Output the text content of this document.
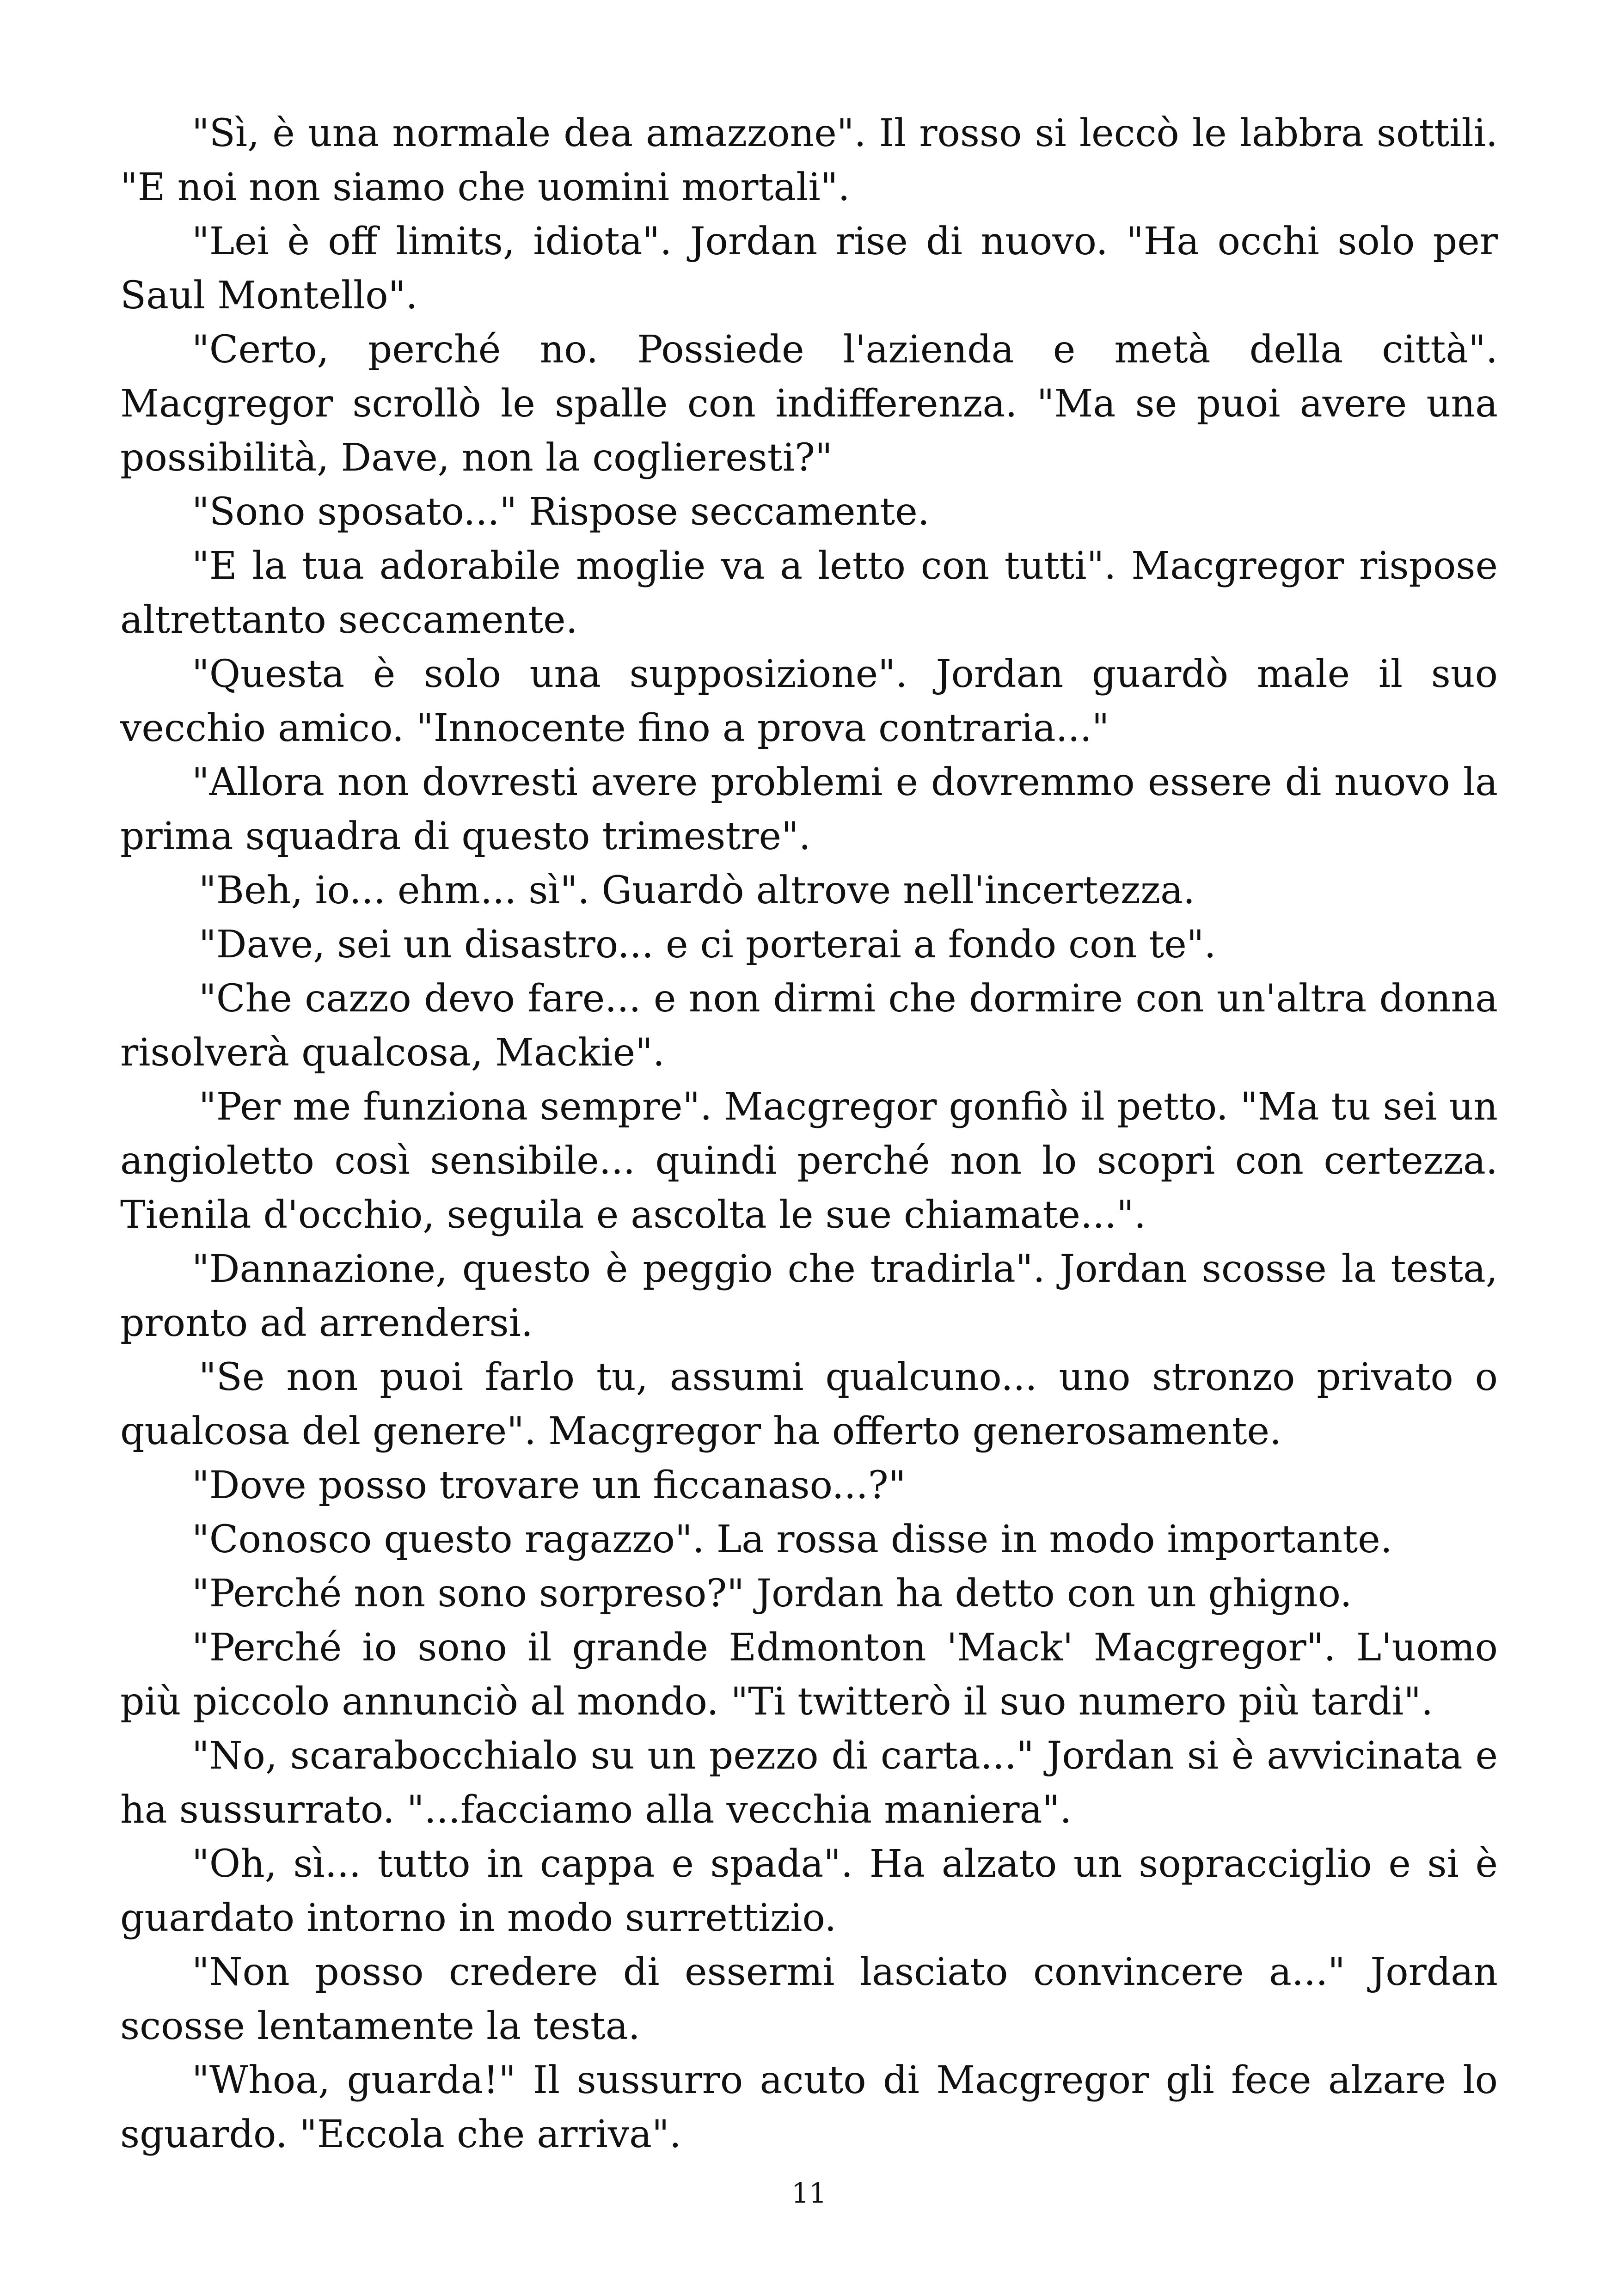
"Sì, è una normale dea amazzone". Il rosso si leccò le labbra sottili. "E noi non siamo che uomini mortali".

"Lei è off limits, idiota". Jordan rise di nuovo. "Ha occhi solo per Saul Montello".

"Certo, perché no. Possiede l'azienda e metà della città". Macgregor scrollò le spalle con indifferenza. "Ma se puoi avere una possibilità, Dave, non la coglieresti?"

"Sono sposato..." Rispose seccamente.

"E la tua adorabile moglie va a letto con tutti". Macgregor rispose altrettanto seccamente.

"Questa è solo una supposizione". Jordan guardò male il suo vecchio amico. "Innocente fino a prova contraria..."

"Allora non dovresti avere problemi e dovremmo essere di nuovo la prima squadra di questo trimestre".

"Beh, io... ehm... sì". Guardò altrove nell'incertezza.

"Dave, sei un disastro... e ci porterai a fondo con te".

"Che cazzo devo fare... e non dirmi che dormire con un'altra donna risolverà qualcosa, Mackie".

"Per me funziona sempre". Macgregor gonfiò il petto. "Ma tu sei un angioletto così sensibile... quindi perché non lo scopri con certezza. Tienila d'occhio, seguila e ascolta le sue chiamate...".

"Dannazione, questo è peggio che tradirla". Jordan scosse la testa, pronto ad arrendersi.

"Se non puoi farlo tu, assumi qualcuno... uno stronzo privato o qualcosa del genere". Macgregor ha offerto generosamente.

"Dove posso trovare un ficcanaso...?"

"Conosco questo ragazzo". La rossa disse in modo importante.

"Perché non sono sorpreso?" Jordan ha detto con un ghigno.

"Perché io sono il grande Edmonton 'Mack' Macgregor". L'uomo più piccolo annunciò al mondo. "Ti twitterò il suo numero più tardi".

"No, scarabocchialo su un pezzo di carta..." Jordan si è avvicinata e ha sussurrato. "...facciamo alla vecchia maniera".

"Oh, sì... tutto in cappa e spada". Ha alzato un sopracciglio e si è guardato intorno in modo surrettizio.

"Non posso credere di essermi lasciato convincere a..." Jordan scosse lentamente la testa.

"Whoa, guarda!" Il sussurro acuto di Macgregor gli fece alzare lo sguardo. "Eccola che arriva".

11
